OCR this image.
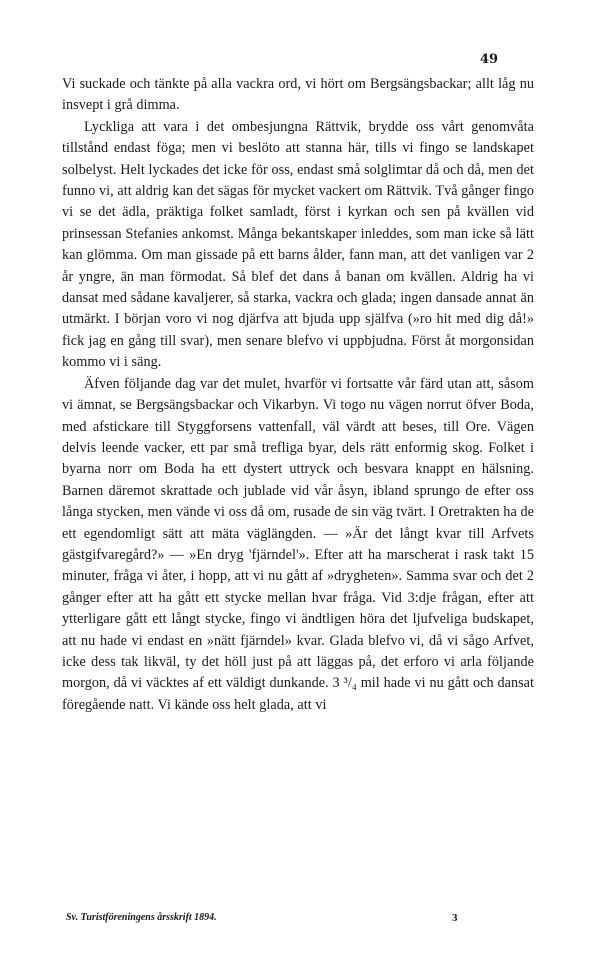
49

Vi suckade och tänkte på alla vackra ord, vi hört om Bergsängsbackar; allt låg nu insvept i grå dimma.

Lyckliga att vara i det ombesjungna Rättvik, brydde oss vårt genomvåta tillstånd endast föga; men vi beslöto att stanna här, tills vi fingo se landskapet solbelyst. Helt lyckades det icke för oss, endast små solglimtar då och då, men det funno vi, att aldrig kan det sägas för mycket vackert om Rättvik. Två gånger fingo vi se det ädla, präktiga folket samladt, först i kyrkan och sen på kvällen vid prinsessan Stefanies ankomst. Många bekantskaper inleddes, som man icke så lätt kan glömma. Om man gissade på ett barns ålder, fann man, att det vanligen var 2 år yngre, än man förmodat. Så blef det dans å banan om kvällen. Aldrig ha vi dansat med sådane kavaljerer, så starka, vackra och glada; ingen dansade annat än utmärkt. I början voro vi nog djärfva att bjuda upp själfva (»ro hit med dig då!» fick jag en gång till svar), men senare blefvo vi uppbjudna. Först åt morgonsidan kommo vi i säng.

Äfven följande dag var det mulet, hvarför vi fortsatte vår färd utan att, såsom vi ämnat, se Bergsängsbackar och Vikarbyn. Vi togo nu vägen norrut öfver Boda, med afstickare till Styggforsens vattenfall, väl värdt att beses, till Ore. Vägen delvis leende vacker, ett par små trefliga byar, dels rätt enformig skog. Folket i byarna norr om Boda ha ett dystert uttryck och besvara knappt en hälsning. Barnen däremot skrattade och jublade vid vår åsyn, ibland sprungo de efter oss långa stycken, men vände vi oss då om, rusade de sin väg tvärt. I Oretrakten ha de ett egendomligt sätt att mäta väglängden. — »Är det långt kvar till Arfvets gästgifvaregård?» — »En dryg 'fjärndel'». Efter att ha marscherat i rask takt 15 minuter, fråga vi åter, i hopp, att vi nu gått af »drygheten». Samma svar och det 2 gånger efter att ha gått ett stycke mellan hvar fråga. Vid 3:dje frågan, efter att ytterligare gått ett långt stycke, fingo vi ändtligen höra det ljufveliga budskapet, att nu hade vi endast en »nätt fjärndel» kvar. Glada blefvo vi, då vi sågo Arfvet, icke dess tak likväl, ty det höll just på att läggas på, det erforo vi arla följande morgon, då vi väcktes af ett väldigt dunkande. 3 ³/₄ mil hade vi nu gått och dansat föregående natt. Vi kände oss helt glada, att vi

Sv. Turistföreningens årsskrift 1894.	3
